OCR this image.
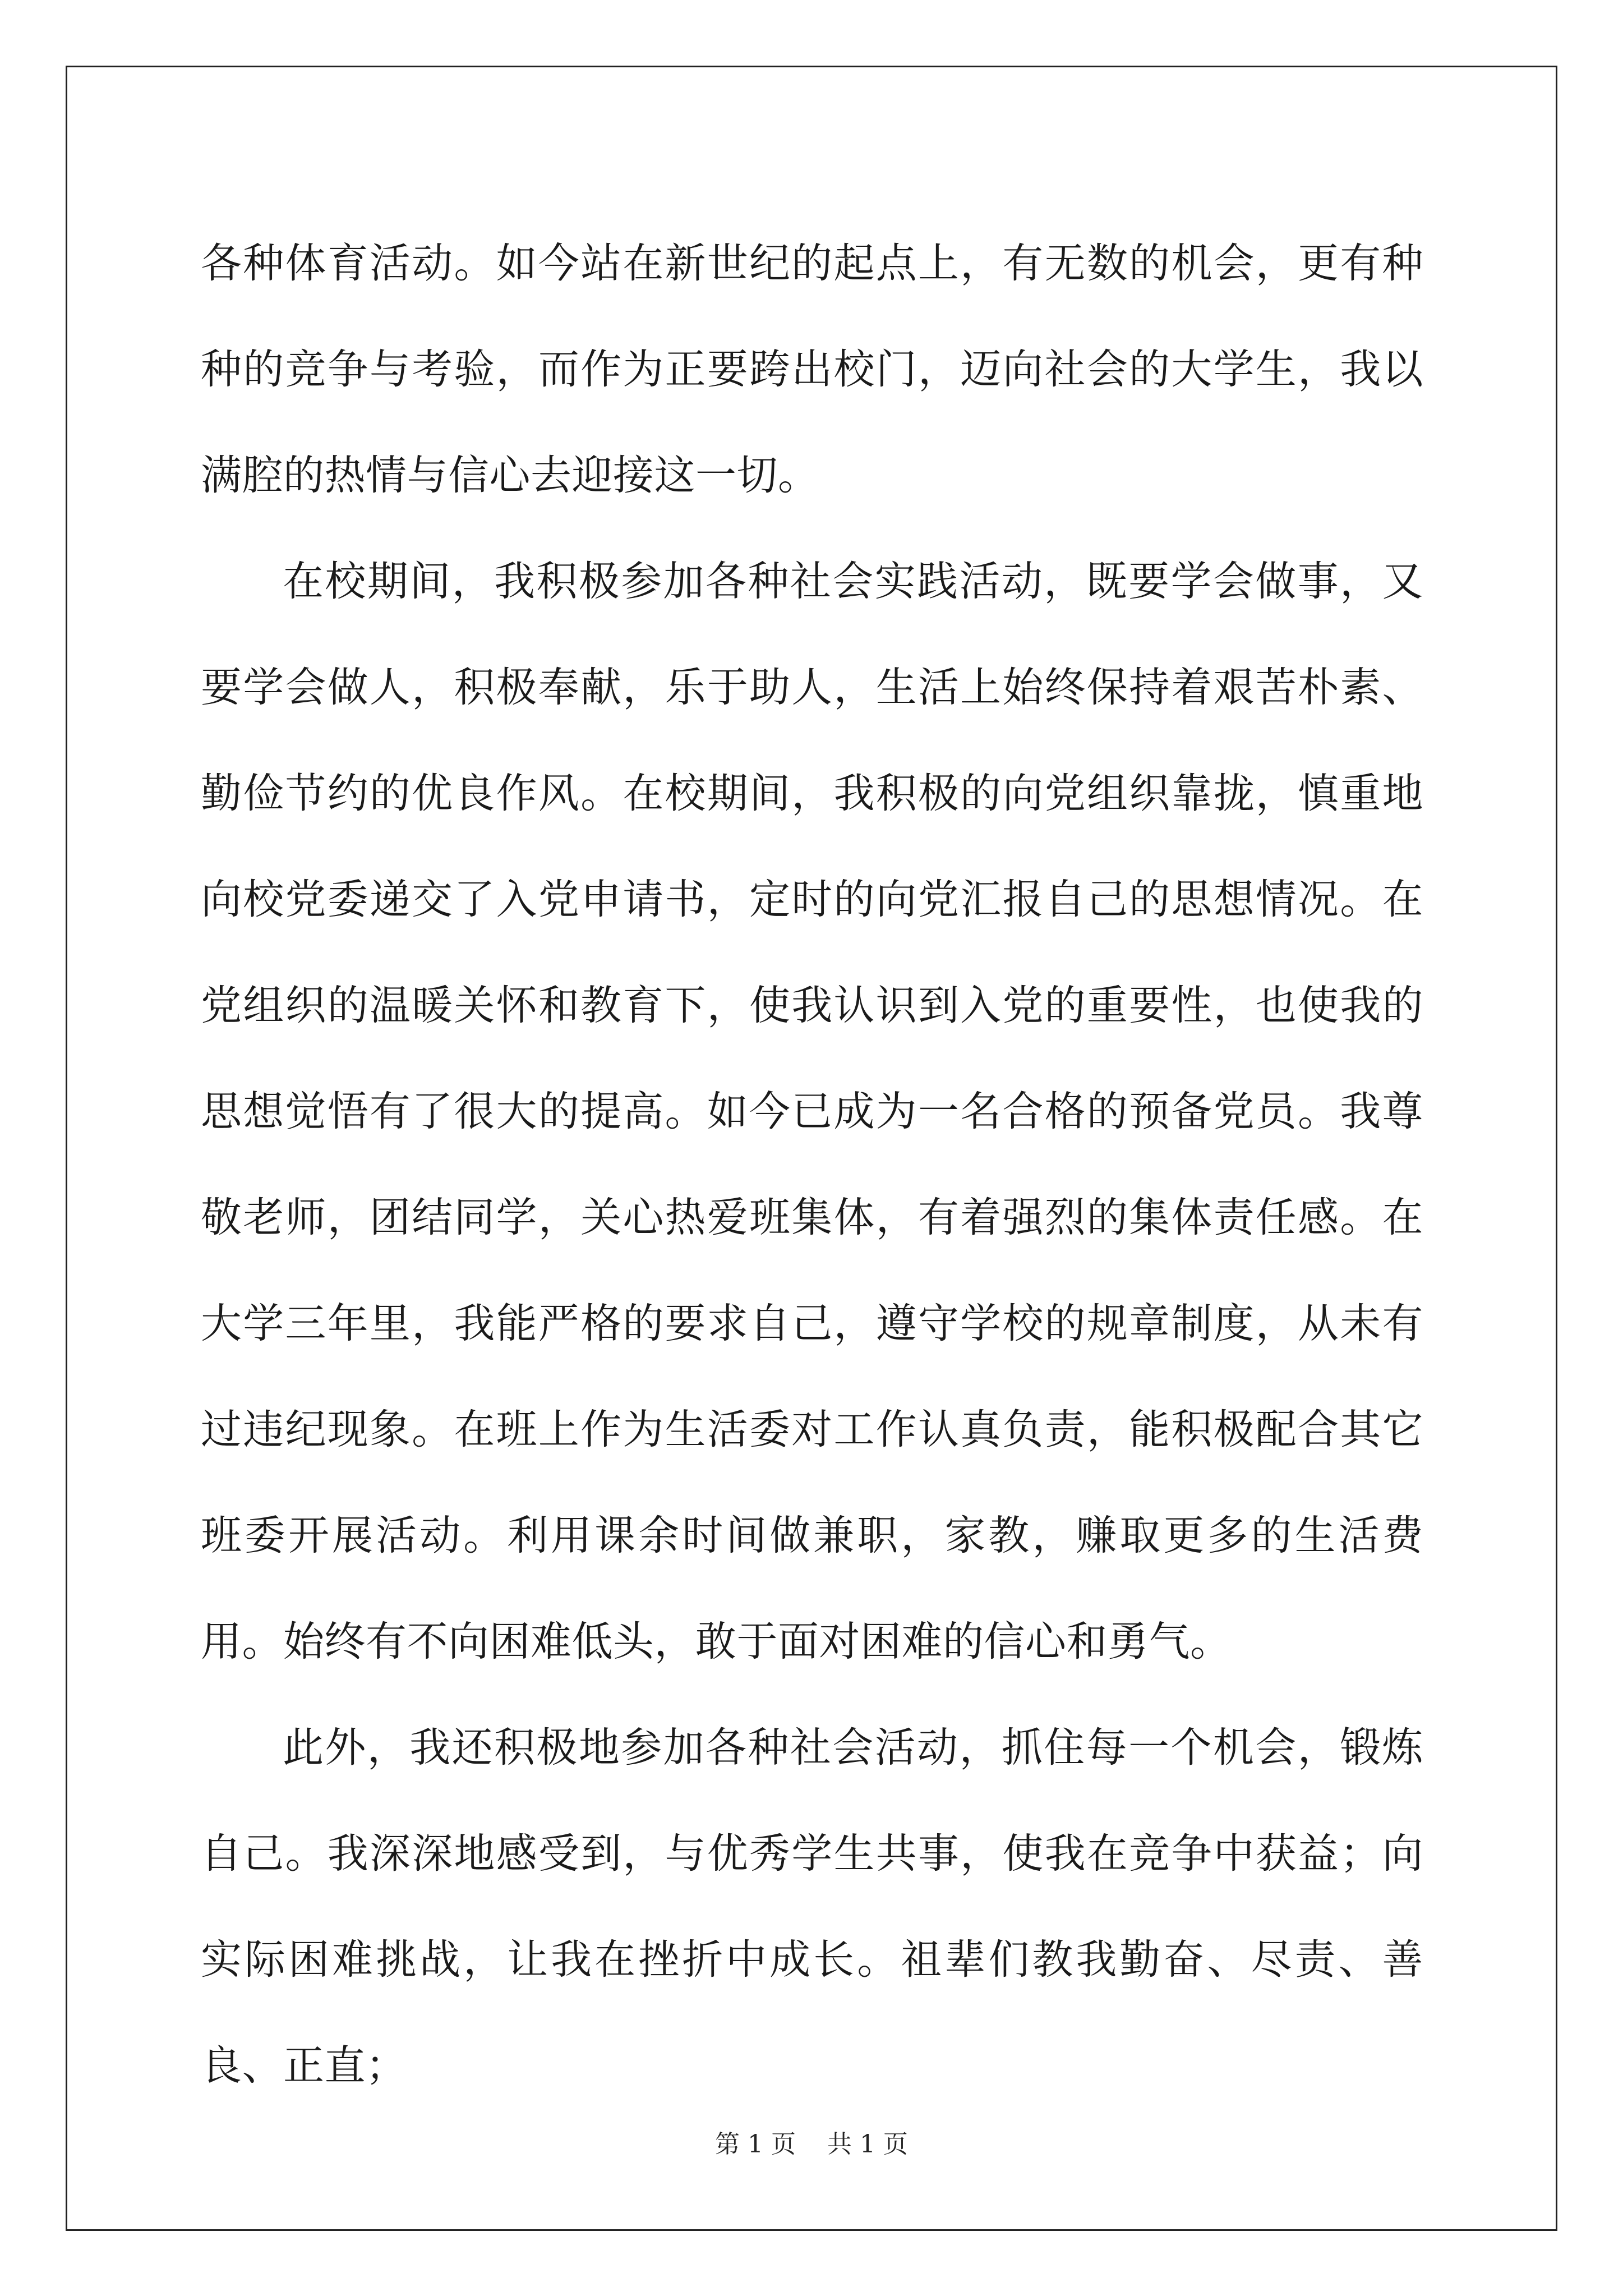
各种体育活动。如今站在新世纪的起点上，有无数的机会，更有种种的竞争与考验，而作为正要跨出校门，迈向社会的大学生，我以满腔的热情与信心去迎接这一切。

在校期间，我积极参加各种社会实践活动，既要学会做事，又要学会做人，积极奉献，乐于助人，生活上始终保持着艰苦朴素、勤俭节约的优良作风。在校期间，我积极的向党组织靠拢，慎重地向校党委递交了入党申请书，定时的向党汇报自己的思想情况。在党组织的温暖关怀和教育下，使我认识到入党的重要性，也使我的思想觉悟有了很大的提高。如今已成为一名合格的预备党员。我尊敬老师，团结同学，关心热爱班集体，有着强烈的集体责任感。在大学三年里，我能严格的要求自己，遵守学校的规章制度，从未有过违纪现象。在班上作为生活委对工作认真负责，能积极配合其它班委开展活动。利用课余时间做兼职，家教，赚取更多的生活费用。始终有不向困难低头，敢于面对困难的信心和勇气。

此外，我还积极地参加各种社会活动，抓住每一个机会，锻炼自己。我深深地感受到，与优秀学生共事，使我在竞争中获益；向实际困难挑战，让我在挫折中成长。祖辈们教我勤奋、尽责、善良、正直；

第 1 页    共 1 页
